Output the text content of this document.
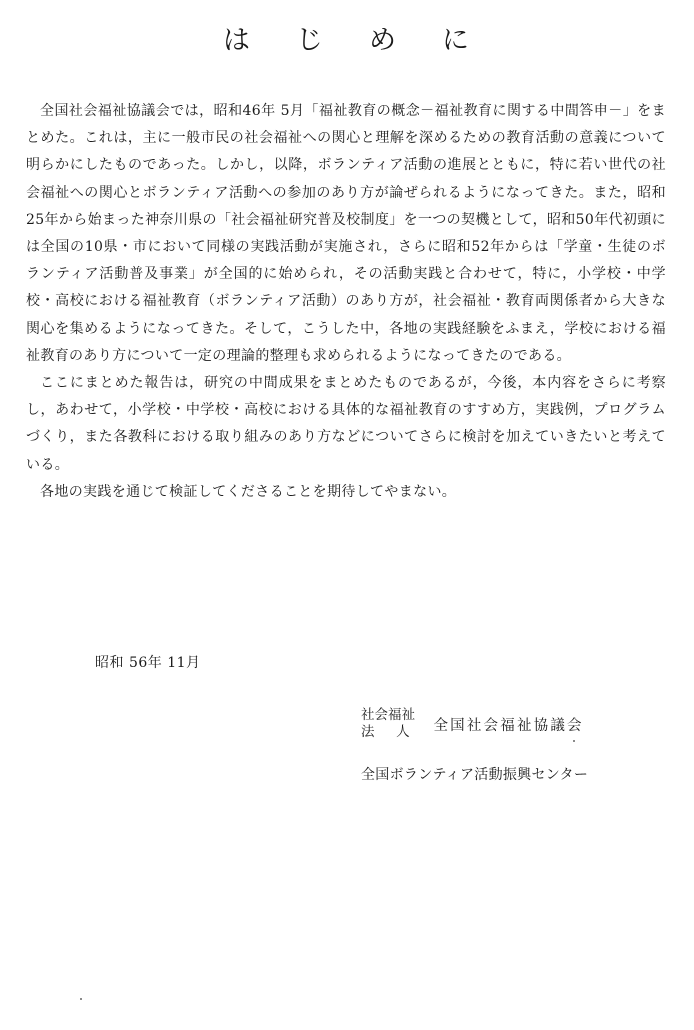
は じ め に

全国社会福祉協議会では，昭和46年 5月「福祉教育の概念－福祉教育に関する中間答申－」をまとめた。これは，主に一般市民の社会福祉への関心と理解を深めるための教育活動の意義について明らかにしたものであった。しかし，以降，ボランティア活動の進展とともに，特に若い世代の社会福祉への関心とボランティア活動への参加のあり方が論ぜられるようになってきた。また，昭和25年から始まった神奈川県の「社会福祉研究普及校制度」を一つの契機として，昭和50年代初頭には全国の10県・市において同様の実践活動が実施され，さらに昭和52年からは「学童・生徒のボランティア活動普及事業」が全国的に始められ，その活動実践と合わせて，特に，小学校・中学校・高校における福祉教育（ボランティア活動）のあり方が，社会福祉・教育両関係者から大きな関心を集めるようになってきた。そして，こうした中，各地の実践経験をふまえ，学校における福祉教育のあり方について一定の理論的整理も求められるようになってきたのである。

ここにまとめた報告は，研究の中間成果をまとめたものであるが，今後，本内容をさらに考察し，あわせて，小学校・中学校・高校における具体的な福祉教育のすすめ方，実践例，プログラムづくり，また各教科における取り組みのあり方などについてさらに検討を加えていきたいと考えている。

各地の実践を通じて検証してくださることを期待してやまない。

昭和 56年 11月
社会福祉
法 人	全国社会福祉協議会
全国ボランティア活動振興センター
